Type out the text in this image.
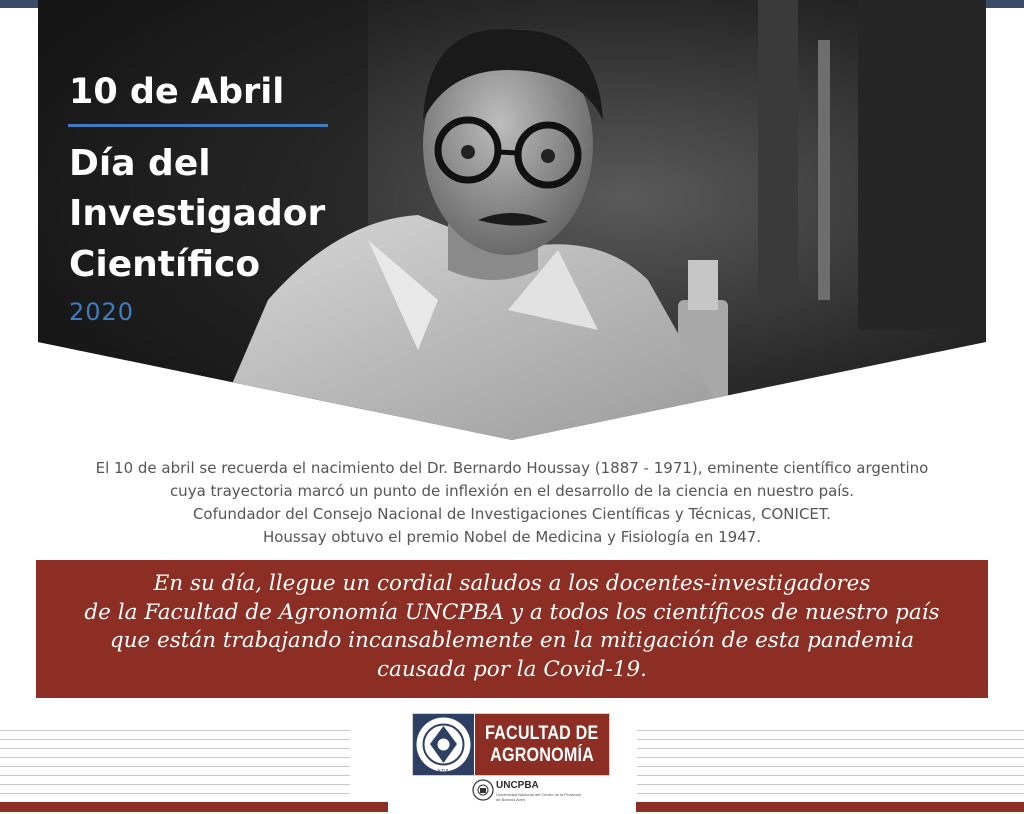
10 de Abril
Día del
Investigador
Científico
2020
El 10 de abril se recuerda el nacimiento del Dr. Bernardo Houssay (1887 - 1971), eminente científico argentino
cuya trayectoria marcó un punto de inflexión en el desarrollo de la ciencia en nuestro país.
Cofundador del Consejo Nacional de Investigaciones Científicas y Técnicas, CONICET.
Houssay obtuvo el premio Nobel de Medicina y Fisiología en 1947.
En su día, llegue un cordial saludos a los docentes-investigadores
de la Facultad de Agronomía UNCPBA y a todos los científicos de nuestro país
que están trabajando incansablemente en la mitigación de esta pandemia
causada por la Covid-19.
AZUL
FACULTAD DE
AGRONOMÍA
UNCPBA
Universidad Nacional del Centro de la Provincia de Buenos Aires
